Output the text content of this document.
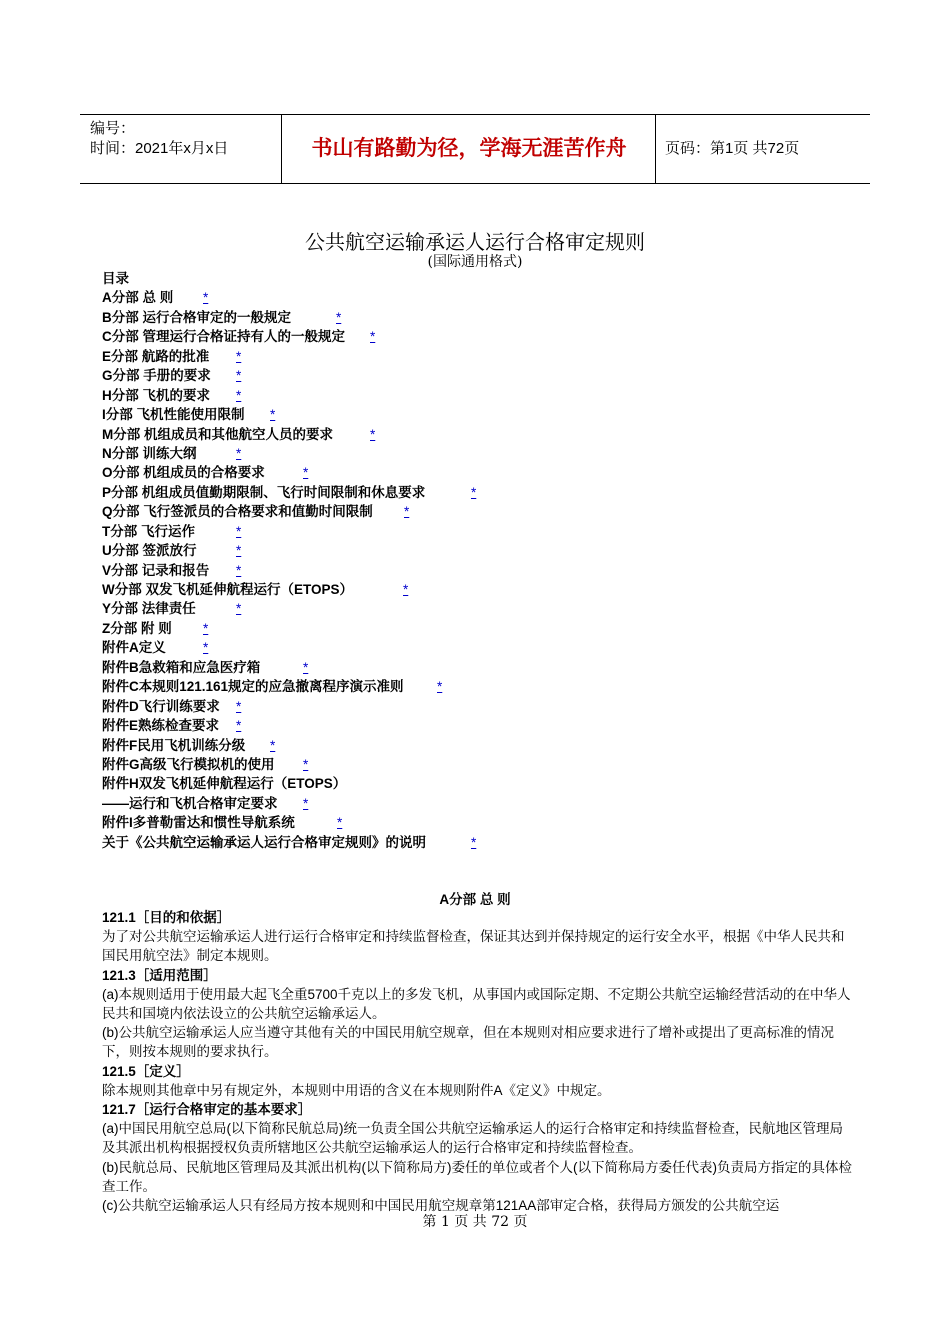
编号：
时间：2021年x月x日	书山有路勤为径，学海无涯苦作舟	页码：第1页 共72页
公共航空运输承运人运行合格审定规则
(国际通用格式)
目录
A分部 总 则 *
B分部 运行合格审定的一般规定	*
C分部 管理运行合格证持有人的一般规定 *
E分部 航路的批准 *
G分部 手册的要求 *
H分部 飞机的要求 *
I分部 飞机性能使用限制 *
M分部 机组成员和其他航空人员的要求	*
N分部 训练大纲	*
O分部 机组成员的合格要求	*
P分部 机组成员值勤期限制、飞行时间限制和休息要求	*
Q分部 飞行签派员的合格要求和值勤时间限制 *
T分部 飞行运作	*
U分部 签派放行	*
V分部 记录和报告 *
W分部 双发飞机延伸航程运行（ETOPS）	*
Y分部 法律责任	*
Z分部 附 则 *
附件A定义	*
附件B急救箱和应急医疗箱	*
附件C本规则121.161规定的应急撤离程序演示准则 *
附件D飞行训练要求 *
附件E熟练检查要求 *
附件F民用飞机训练分级 *
附件G高级飞行模拟机的使用 *
附件H双发飞机延伸航程运行（ETOPS）
——运行和飞机合格审定要求 *
附件I多普勒雷达和惯性导航系统	*
关于《公共航空运输承运人运行合格审定规则》的说明	*
A分部 总 则

121.1［目的和依据］

为了对公共航空运输承运人进行运行合格审定和持续监督检查，保证其达到并保持规定的运行安全水平，根据《中华人民共和国民用航空法》制定本规则。

121.3［适用范围］

(a)本规则适用于使用最大起飞全重5700千克以上的多发飞机，从事国内或国际定期、不定期公共航空运输经营活动的在中华人民共和国境内依法设立的公共航空运输承运人。

(b)公共航空运输承运人应当遵守其他有关的中国民用航空规章，但在本规则对相应要求进行了增补或提出了更高标准的情况下，则按本规则的要求执行。

121.5［定义］

除本规则其他章中另有规定外，本规则中用语的含义在本规则附件A《定义》中规定。

121.7［运行合格审定的基本要求］

(a)中国民用航空总局(以下简称民航总局)统一负责全国公共航空运输承运人的运行合格审定和持续监督检查，民航地区管理局及其派出机构根据授权负责所辖地区公共航空运输承运人的运行合格审定和持续监督检查。

(b)民航总局、民航地区管理局及其派出机构(以下简称局方)委任的单位或者个人(以下简称局方委任代表)负责局方指定的具体检查工作。

(c)公共航空运输承运人只有经局方按本规则和中国民用航空规章第121AA部审定合格，获得局方颁发的公共航空运

第 1 页 共 72 页
